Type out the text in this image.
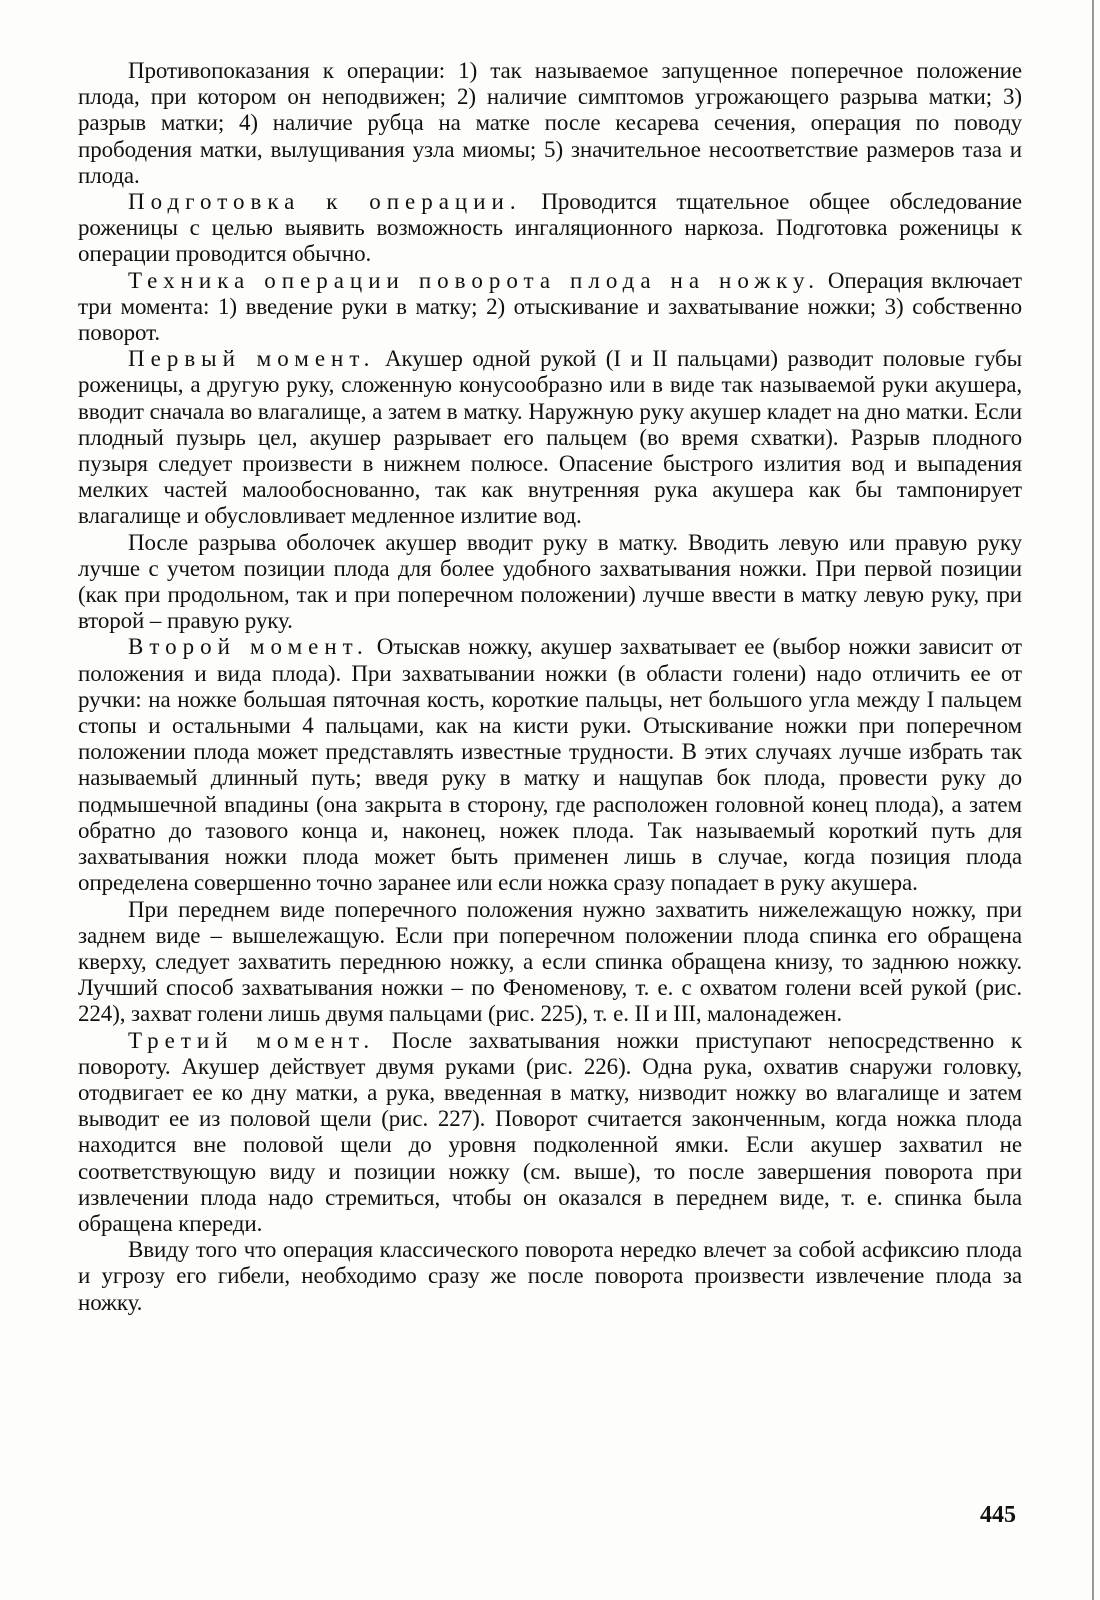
Противопоказания к операции: 1) так называемое запущенное поперечное положение плода, при котором он неподвижен; 2) наличие симптомов угрожающего разрыва матки; 3) разрыв матки; 4) наличие рубца на матке после кесарева сечения, операция по поводу прободения матки, вылущивания узла миомы; 5) значительное несоответствие размеров таза и плода.

Подготовка к операции. Проводится тщательное общее обследование роженицы с целью выявить возможность ингаляционного наркоза. Подготовка роженицы к операции проводится обычно.

Техника операции поворота плода на ножку. Операция включает три момента: 1) введение руки в матку; 2) отыскивание и захватывание ножки; 3) собственно поворот.

Первый момент. Акушер одной рукой (I и II пальцами) разводит половые губы роженицы, а другую руку, сложенную конусообразно или в виде так называемой руки акушера, вводит сначала во влагалище, а затем в матку. Наружную руку акушер кладет на дно матки. Если плодный пузырь цел, акушер разрывает его пальцем (во время схватки). Разрыв плодного пузыря следует произвести в нижнем полюсе. Опасение быстрого излития вод и выпадения мелких частей малообоснованно, так как внутренняя рука акушера как бы тампонирует влагалище и обусловливает медленное излитие вод.

После разрыва оболочек акушер вводит руку в матку. Вводить левую или правую руку лучше с учетом позиции плода для более удобного захватывания ножки. При первой позиции (как при продольном, так и при поперечном положении) лучше ввести в матку левую руку, при второй – правую руку.

Второй момент. Отыскав ножку, акушер захватывает ее (выбор ножки зависит от положения и вида плода). При захватывании ножки (в области голени) надо отличить ее от ручки: на ножке большая пяточная кость, короткие пальцы, нет большого угла между I пальцем стопы и остальными 4 пальцами, как на кисти руки. Отыскивание ножки при поперечном положении плода может представлять известные трудности. В этих случаях лучше избрать так называемый длинный путь; введя руку в матку и нащупав бок плода, провести руку до подмышечной впадины (она закрыта в сторону, где расположен головной конец плода), а затем обратно до тазового конца и, наконец, ножек плода. Так называемый короткий путь для захватывания ножки плода может быть применен лишь в случае, когда позиция плода определена совершенно точно заранее или если ножка сразу попадает в руку акушера.

При переднем виде поперечного положения нужно захватить нижележащую ножку, при заднем виде – вышележащую. Если при поперечном положении плода спинка его обращена кверху, следует захватить переднюю ножку, а если спинка обращена книзу, то заднюю ножку. Лучший способ захватывания ножки – по Феноменову, т. е. с охватом голени всей рукой (рис. 224), захват голени лишь двумя пальцами (рис. 225), т. е. II и III, малонадежен.

Третий момент. После захватывания ножки приступают непосредственно к повороту. Акушер действует двумя руками (рис. 226). Одна рука, охватив снаружи головку, отодвигает ее ко дну матки, а рука, введенная в матку, низводит ножку во влагалище и затем выводит ее из половой щели (рис. 227). Поворот считается законченным, когда ножка плода находится вне половой щели до уровня подколенной ямки. Если акушер захватил не соответствующую виду и позиции ножку (см. выше), то после завершения поворота при извлечении плода надо стремиться, чтобы он оказался в переднем виде, т. е. спинка была обращена кпереди.

Ввиду того что операция классического поворота нередко влечет за собой асфиксию плода и угрозу его гибели, необходимо сразу же после поворота произвести извлечение плода за ножку.

445
